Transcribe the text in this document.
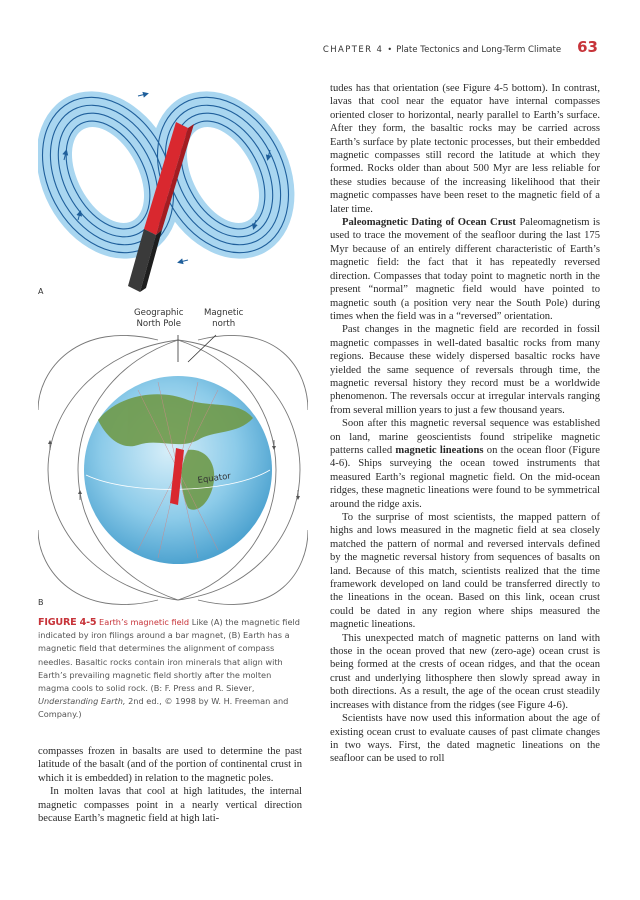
CHAPTER 4 • Plate Tectonics and Long-Term Climate 63
A
Geographic
North Pole
Magnetic
north
Equator
B
FIGURE 4-5 Earth’s magnetic field Like (A) the magnetic field indicated by iron filings around a bar magnet, (B) Earth has a magnetic field that determines the alignment of compass needles. Basaltic rocks contain iron minerals that align with Earth’s prevailing magnetic field shortly after the molten magma cools to solid rock. (B: F. Press and R. Siever, Understanding Earth, 2nd ed., © 1998 by W. H. Freeman and Company.)

compasses frozen in basalts are used to determine the past latitude of the basalt (and of the portion of continental crust in which it is embedded) in relation to the magnetic poles.

In molten lavas that cool at high latitudes, the internal magnetic compasses point in a nearly vertical direction because Earth’s magnetic field at high lati-

tudes has that orientation (see Figure 4-5 bottom). In contrast, lavas that cool near the equator have internal compasses oriented closer to horizontal, nearly parallel to Earth’s surface. After they form, the basaltic rocks may be carried across Earth’s surface by plate tectonic processes, but their embedded magnetic compasses still record the latitude at which they formed. Rocks older than about 500 Myr are less reliable for these studies because of the increasing likelihood that their magnetic compasses have been reset to the magnetic field of a later time.

Paleomagnetic Dating of Ocean Crust Paleomagnetism is used to trace the movement of the seafloor during the last 175 Myr because of an entirely different characteristic of Earth’s magnetic field: the fact that it has repeatedly reversed direction. Compasses that today point to magnetic north in the present “normal” magnetic field would have pointed to magnetic south (a position very near the South Pole) during times when the field was in a “reversed” orientation.

Past changes in the magnetic field are recorded in fossil magnetic compasses in well-dated basaltic rocks from many regions. Because these widely dispersed basaltic rocks have yielded the same sequence of reversals through time, the magnetic reversal history they record must be a worldwide phenomenon. The reversals occur at irregular intervals ranging from several million years to just a few thousand years.

Soon after this magnetic reversal sequence was established on land, marine geoscientists found stripelike magnetic patterns called magnetic lineations on the ocean floor (Figure 4-6). Ships surveying the ocean towed instruments that measured Earth’s regional magnetic field. On the mid-ocean ridges, these magnetic lineations were found to be symmetrical around the ridge axis.

To the surprise of most scientists, the mapped pattern of highs and lows measured in the magnetic field at sea closely matched the pattern of normal and reversed intervals defined by the magnetic reversal history from sequences of basalts on land. Because of this match, scientists realized that the time framework developed on land could be transferred directly to the lineations in the ocean. Based on this link, ocean crust could be dated in any region where ships measured the magnetic lineations.

This unexpected match of magnetic patterns on land with those in the ocean proved that new (zero-age) ocean crust is being formed at the crests of ocean ridges, and that the ocean crust and underlying lithosphere then slowly spread away in both directions. As a result, the age of the ocean crust steadily increases with distance from the ridges (see Figure 4-6).

Scientists have now used this information about the age of existing ocean crust to evaluate causes of past climate changes in two ways. First, the dated magnetic lineations on the seafloor can be used to roll
